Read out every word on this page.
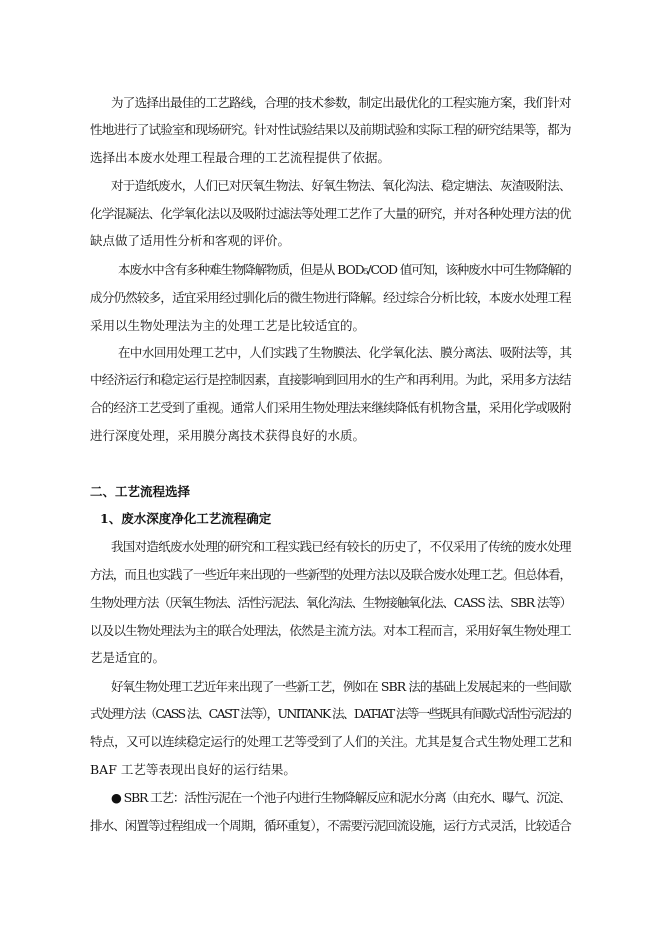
为了选择出最佳的工艺路线，合理的技术参数，制定出最优化的工程实施方案，我们针对
性地进行了试验室和现场研究。针对性试验结果以及前期试验和实际工程的研究结果等，都为
选择出本废水处理工程最合理的工艺流程提供了依据。
对于造纸废水，人们已对厌氧生物法、好氧生物法、氧化沟法、稳定塘法、灰渣吸附法、
化学混凝法、化学氧化法以及吸附过滤法等处理工艺作了大量的研究，并对各种处理方法的优
缺点做了适用性分析和客观的评价。
本废水中含有多种难生物降解物质，但是从 BOD₅/COD 值可知，该种废水中可生物降解的
成分仍然较多，适宜采用经过驯化后的微生物进行降解。经过综合分析比较，本废水处理工程
采用以生物处理法为主的处理工艺是比较适宜的。
在中水回用处理工艺中，人们实践了生物膜法、化学氧化法、膜分离法、吸附法等，其
中经济运行和稳定运行是控制因素，直接影响到回用水的生产和再利用。为此，采用多方法结
合的经济工艺受到了重视。通常人们采用生物处理法来继续降低有机物含量，采用化学或吸附
进行深度处理，采用膜分离技术获得良好的水质。
二、工艺流程选择
1、废水深度净化工艺流程确定
我国对造纸废水处理的研究和工程实践已经有较长的历史了，不仅采用了传统的废水处理
方法，而且也实践了一些近年来出现的一些新型的处理方法以及联合废水处理工艺。但总体看，
生物处理方法（厌氧生物法、活性污泥法、氧化沟法、生物接触氧化法、CASS 法、SBR 法等）
以及以生物处理法为主的联合处理法，依然是主流方法。对本工程而言，采用好氧生物处理工
艺是适宜的。
好氧生物处理工艺近年来出现了一些新工艺，例如在 SBR 法的基础上发展起来的一些间歇
式处理方法（CASS 法、CAST 法等），UNITANK 法、DAT-IAT 法等一些既具有间歇式活性污泥法的
特点，又可以连续稳定运行的处理工艺等受到了人们的关注。尤其是复合式生物处理工艺和
BAF 工艺等表现出良好的运行结果。
● SBR 工艺：活性污泥在一个池子内进行生物降解反应和泥水分离（由充水、曝气、沉淀、
排水、闲置等过程组成一个周期，循环重复），不需要污泥回流设施，运行方式灵活，比较适合
